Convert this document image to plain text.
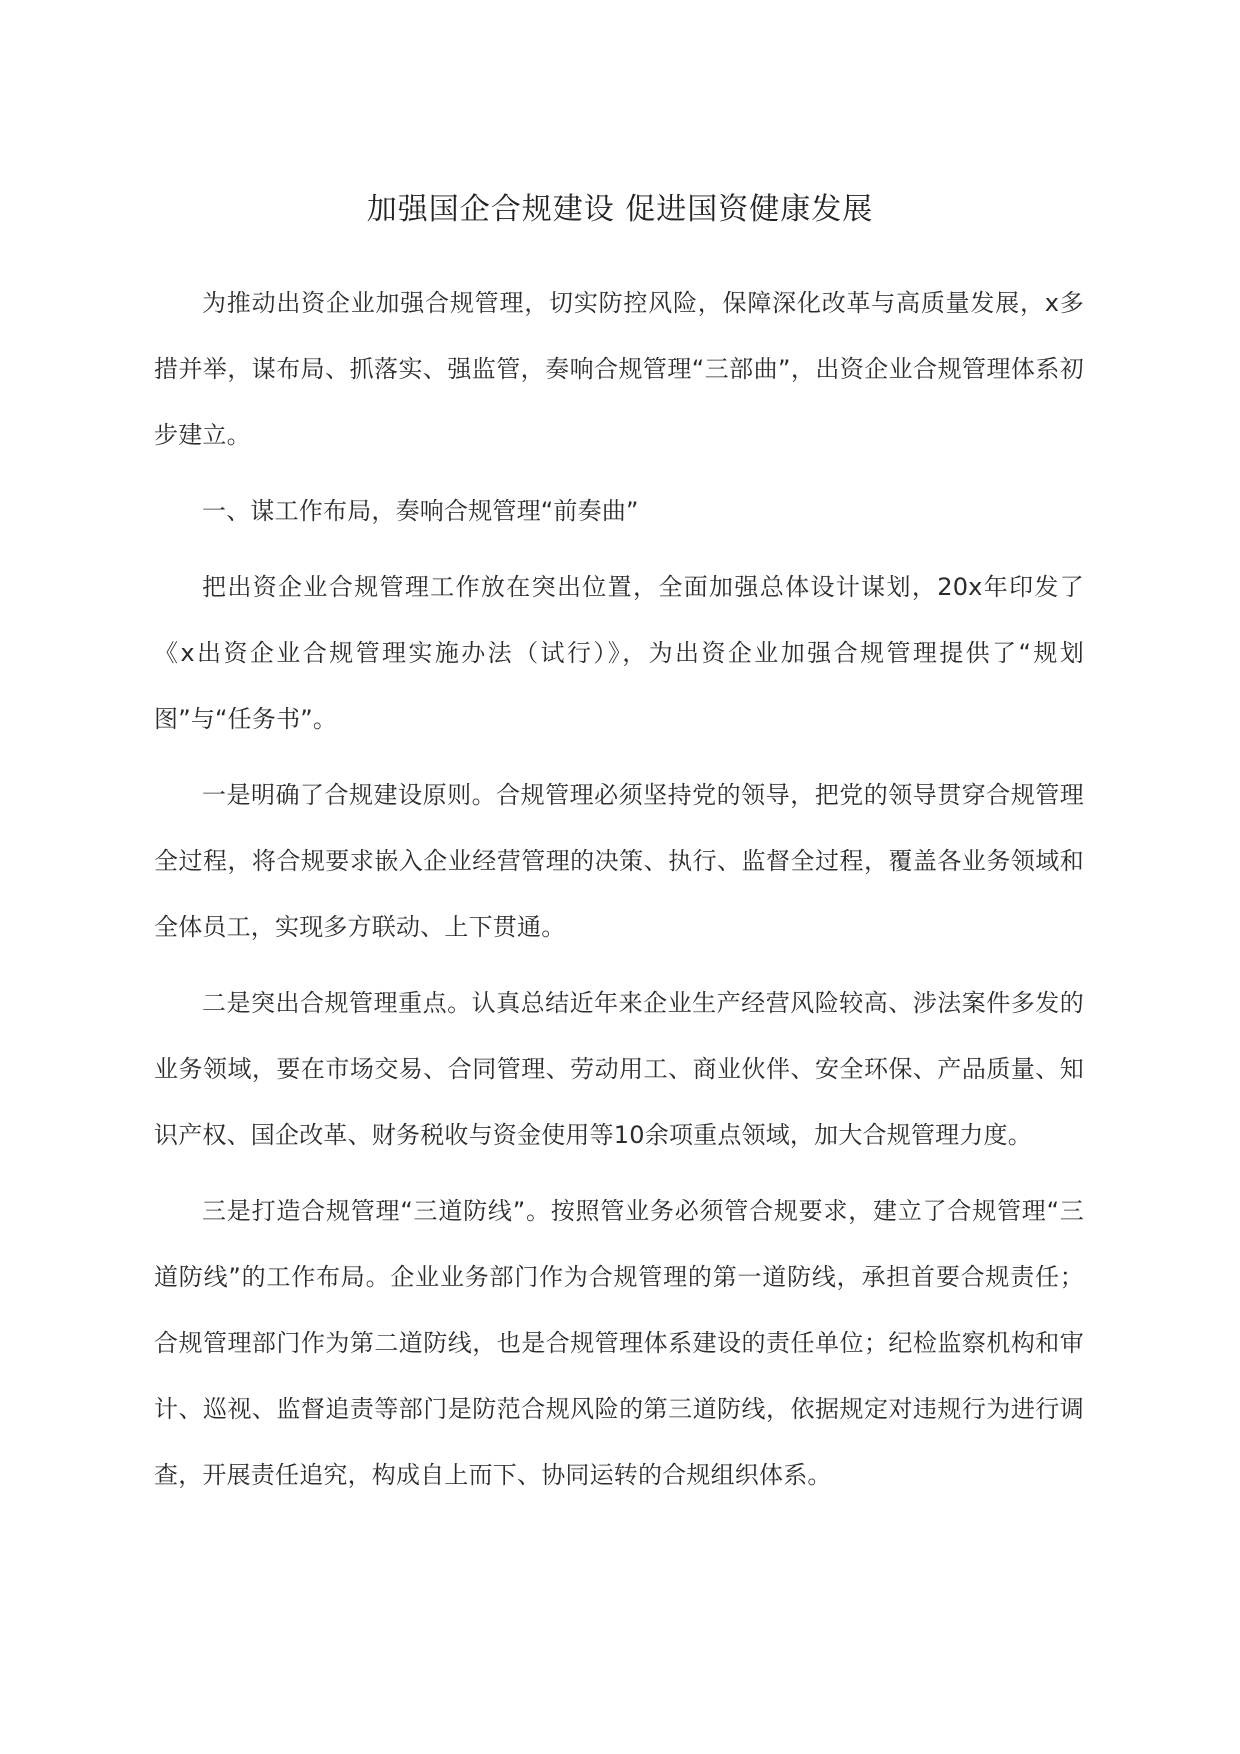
加强国企合规建设 促进国资健康发展

为推动出资企业加强合规管理，切实防控风险，保障深化改革与高质量发展，x多措并举，谋布局、抓落实、强监管，奏响合规管理“三部曲”，出资企业合规管理体系初步建立。

一、谋工作布局，奏响合规管理“前奏曲”

把出资企业合规管理工作放在突出位置，全面加强总体设计谋划，20x年印发了《x出资企业合规管理实施办法（试行）》，为出资企业加强合规管理提供了“规划图”与“任务书”。

一是明确了合规建设原则。合规管理必须坚持党的领导，把党的领导贯穿合规管理全过程，将合规要求嵌入企业经营管理的决策、执行、监督全过程，覆盖各业务领域和全体员工，实现多方联动、上下贯通。

二是突出合规管理重点。认真总结近年来企业生产经营风险较高、涉法案件多发的业务领域，要在市场交易、合同管理、劳动用工、商业伙伴、安全环保、产品质量、知识产权、国企改革、财务税收与资金使用等10余项重点领域，加大合规管理力度。

三是打造合规管理“三道防线”。按照管业务必须管合规要求，建立了合规管理“三道防线”的工作布局。企业业务部门作为合规管理的第一道防线，承担首要合规责任；合规管理部门作为第二道防线，也是合规管理体系建设的责任单位；纪检监察机构和审计、巡视、监督追责等部门是防范合规风险的第三道防线，依据规定对违规行为进行调查，开展责任追究，构成自上而下、协同运转的合规组织体系。
